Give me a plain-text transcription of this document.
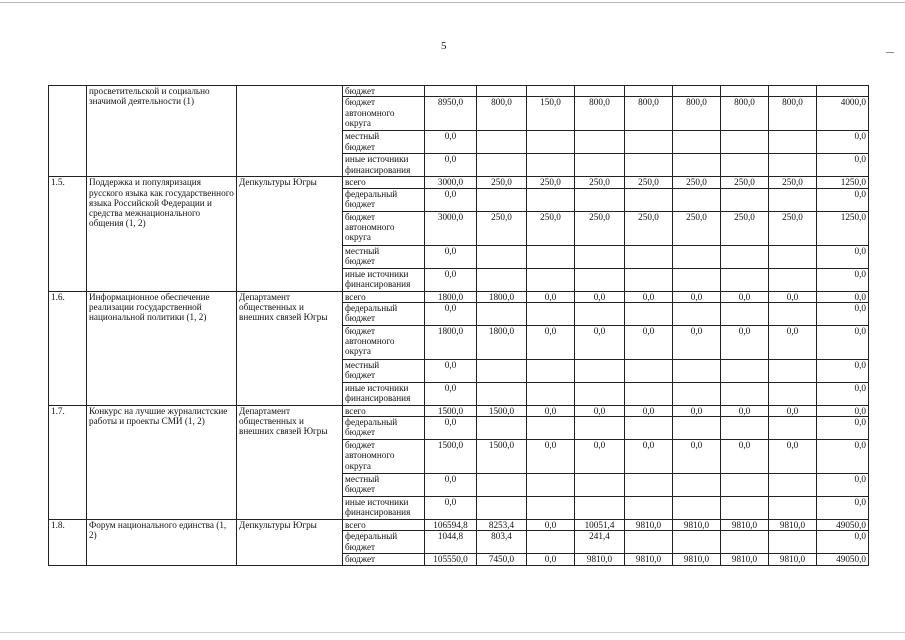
5
	просветительской и социально
значимой деятельности (1)		бюджет									
			бюджет
автономного
округа	8950,0	800,0	150,0	800,0	800,0	800,0	800,0	800,0	4000,0
			местный
бюджет	0,0								0,0
			иные источники
финансирования	0,0								0,0
1.5.	Поддержка и популяризация русского языка как государственного языка Российской Федерации и средства межнационального общения (1, 2)	Депкультуры Югры	всего	3000,0	250,0	250,0	250,0	250,0	250,0	250,0	250,0	1250,0
			федеральный
бюджет	0,0								0,0
			бюджет
автономного
округа	3000,0	250,0	250,0	250,0	250,0	250,0	250,0	250,0	1250,0
			местный
бюджет	0,0								0,0
			иные источники
финансирования	0,0								0,0
1.6.	Информационное обеспечение реализации государственной национальной политики (1, 2)	Департамент общественных и внешних связей Югры	всего	1800,0	1800,0	0,0	0,0	0,0	0,0	0,0	0,0	0,0
			федеральный
бюджет	0,0								0,0
			бюджет
автономного
округа	1800,0	1800,0	0,0	0,0	0,0	0,0	0,0	0,0	0,0
			местный
бюджет	0,0								0,0
			иные источники
финансирования	0,0								0,0
1.7.	Конкурс на лучшие журналистские работы и проекты СМИ (1, 2)	Департамент общественных и внешних связей Югры	всего	1500,0	1500,0	0,0	0,0	0,0	0,0	0,0	0,0	0,0
			федеральный
бюджет	0,0								0,0
			бюджет
автономного
округа	1500,0	1500,0	0,0	0,0	0,0	0,0	0,0	0,0	0,0
			местный
бюджет	0,0								0,0
			иные источники
финансирования	0,0								0,0
1.8.	Форум национального единства (1, 2)	Депкультуры Югры	всего	106594,8	8253,4	0,0	10051,4	9810,0	9810,0	9810,0	9810,0	49050,0
			федеральный
бюджет	1044,8	803,4		241,4					0,0
			бюджет	105550,0	7450,0	0,0	9810,0	9810,0	9810,0	9810,0	9810,0	49050,0
